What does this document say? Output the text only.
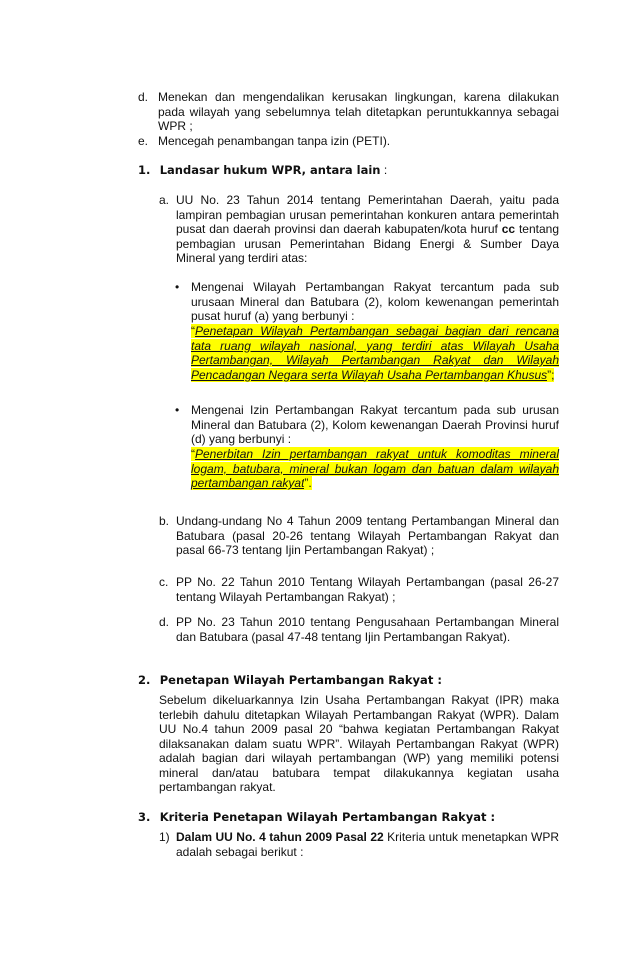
d. Menekan dan mengendalikan kerusakan lingkungan, karena dilakukan pada wilayah yang sebelumnya telah ditetapkan peruntukkannya sebagai WPR ;
e. Mencegah penambangan tanpa izin (PETI).
1. Landasar hukum WPR, antara lain :
a. UU No. 23 Tahun 2014 tentang Pemerintahan Daerah, yaitu pada lampiran pembagian urusan pemerintahan konkuren antara pemerintah pusat dan daerah provinsi dan daerah kabupaten/kota huruf cc tentang pembagian urusan Pemerintahan Bidang Energi & Sumber Daya Mineral yang terdiri atas:
• Mengenai Wilayah Pertambangan Rakyat tercantum pada sub urusaan Mineral dan Batubara (2), kolom kewenangan pemerintah pusat huruf (a) yang berbunyi :
“Penetapan Wilayah Pertambangan sebagai bagian dari rencana tata ruang wilayah nasional, yang terdiri atas Wilayah Usaha Pertambangan, Wilayah Pertambangan Rakyat dan Wilayah Pencadangan Negara serta Wilayah Usaha Pertambangan Khusus”;
• Mengenai Izin Pertambangan Rakyat tercantum pada sub urusan Mineral dan Batubara (2), Kolom kewenangan Daerah Provinsi huruf (d) yang berbunyi :
“Penerbitan Izin pertambangan rakyat untuk komoditas mineral logam, batubara, mineral bukan logam dan batuan dalam wilayah pertambangan rakyat”.
b. Undang-undang No 4 Tahun 2009 tentang Pertambangan Mineral dan Batubara (pasal 20-26 tentang Wilayah Pertambangan Rakyat dan pasal 66-73 tentang Ijin Pertambangan Rakyat) ;
c. PP No. 22 Tahun 2010 Tentang Wilayah Pertambangan (pasal 26-27 tentang Wilayah Pertambangan Rakyat) ;
d. PP No. 23 Tahun 2010 tentang Pengusahaan Pertambangan Mineral dan Batubara (pasal 47-48 tentang Ijin Pertambangan Rakyat).
2. Penetapan Wilayah Pertambangan Rakyat :
Sebelum dikeluarkannya Izin Usaha Pertambangan Rakyat (IPR) maka terlebih dahulu ditetapkan Wilayah Pertambangan Rakyat (WPR). Dalam UU No.4 tahun 2009 pasal 20 “bahwa kegiatan Pertambangan Rakyat dilaksanakan dalam suatu WPR”. Wilayah Pertambangan Rakyat (WPR) adalah bagian dari wilayah pertambangan (WP) yang memiliki potensi mineral dan/atau batubara tempat dilakukannya kegiatan usaha pertambangan rakyat.
3. Kriteria Penetapan Wilayah Pertambangan Rakyat :
1) Dalam UU No. 4 tahun 2009 Pasal 22 Kriteria untuk menetapkan WPR adalah sebagai berikut :
